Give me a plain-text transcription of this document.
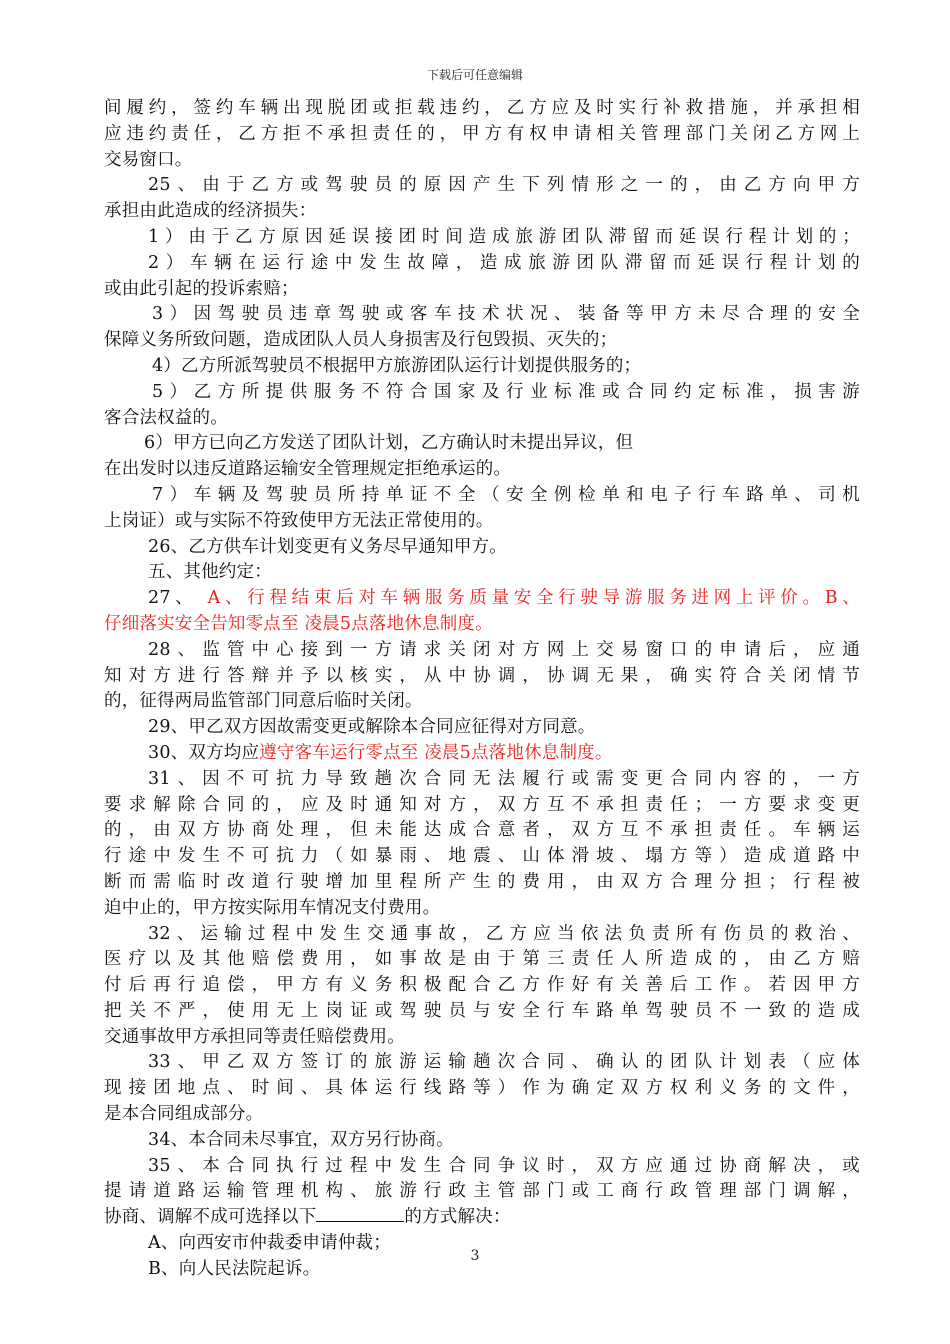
下载后可任意编辑
间履约，签约车辆出现脱团或拒载违约，乙方应及时实行补救措施，并承担相
应违约责任，乙方拒不承担责任的，甲方有权申请相关管理部门关闭乙方网上
交易窗口。
25、由于乙方或驾驶员的原因产生下列情形之一的，由乙方向甲方
承担由此造成的经济损失：
1）由于乙方原因延误接团时间造成旅游团队滞留而延误行程计划的；
2）车辆在运行途中发生故障，造成旅游团队滞留而延误行程计划的
或由此引起的投诉索赔；
3）因驾驶员违章驾驶或客车技术状况、装备等甲方未尽合理的安全
保障义务所致问题，造成团队人员人身损害及行包毁损、灭失的；
4）乙方所派驾驶员不根据甲方旅游团队运行计划提供服务的；
5）乙方所提供服务不符合国家及行业标准或合同约定标准，损害游
客合法权益的。
6）甲方已向乙方发送了团队计划，乙方确认时未提出异议，但
在出发时以违反道路运输安全管理规定拒绝承运的。
7）车辆及驾驶员所持单证不全（安全例检单和电子行车路单、司机
上岗证）或与实际不符致使甲方无法正常使用的。
26、乙方供车计划变更有义务尽早通知甲方。
五、其他约定：
27、 A、行程结束后对车辆服务质量安全行驶导游服务进网上评价。B、
仔细落实安全告知零点至 凌晨5点落地休息制度。
28、监管中心接到一方请求关闭对方网上交易窗口的申请后，应通
知对方进行答辩并予以核实，从中协调，协调无果，确实符合关闭情节
的，征得两局监管部门同意后临时关闭。
29、甲乙双方因故需变更或解除本合同应征得对方同意。
30、双方均应遵守客车运行零点至 凌晨5点落地休息制度。
31、因不可抗力导致趟次合同无法履行或需变更合同内容的，一方
要求解除合同的，应及时通知对方，双方互不承担责任；一方要求变更
的，由双方协商处理，但未能达成合意者，双方互不承担责任。车辆运
行途中发生不可抗力（如暴雨、地震、山体滑坡、塌方等）造成道路中
断而需临时改道行驶增加里程所产生的费用，由双方合理分担；行程被
迫中止的，甲方按实际用车情况支付费用。
32、运输过程中发生交通事故，乙方应当依法负责所有伤员的救治、
医疗以及其他赔偿费用，如事故是由于第三责任人所造成的，由乙方赔
付后再行追偿，甲方有义务积极配合乙方作好有关善后工作。若因甲方
把关不严，使用无上岗证或驾驶员与安全行车路单驾驶员不一致的造成
交通事故甲方承担同等责任赔偿费用。
33、甲乙双方签订的旅游运输趟次合同、确认的团队计划表（应体
现接团地点、时间、具体运行线路等）作为确定双方权利义务的文件，
是本合同组成部分。
34、本合同未尽事宜，双方另行协商。
35、本合同执行过程中发生合同争议时，双方应通过协商解决，或
提请道路运输管理机构、旅游行政主管部门或工商行政管理部门调解，
协商、调解不成可选择以下	的方式解决：
A、向西安市仲裁委申请仲裁；
B、向人民法院起诉。
3
